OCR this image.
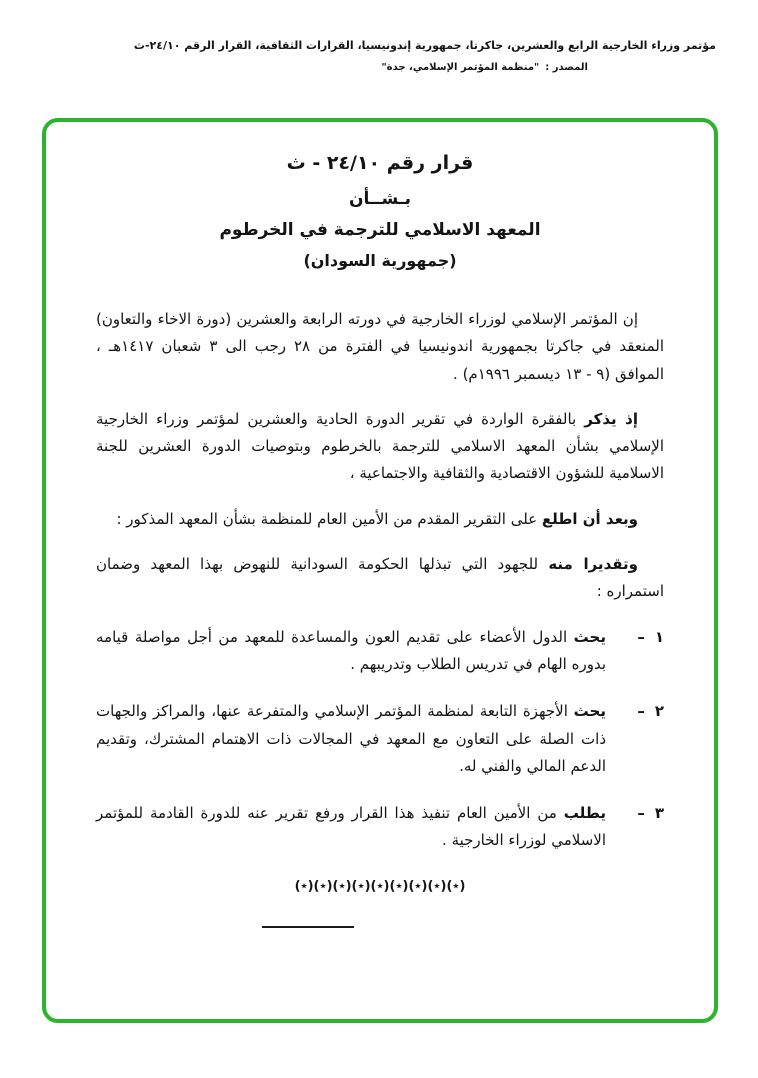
مؤتمر وزراء الخارجية الرابع والعشرين، جاكرتا، جمهورية إندونيسيا، القرارات الثقافية، القرار الرقم ٢٤/١٠-ث
المصدر :"منظمة المؤتمر الإسلامي، جدة"
قرار رقم ٢٤/١٠ - ث
بـشــأن
المعهد الاسلامي للترجمة في الخرطوم
(جمهورية السودان)

إن المؤتمر الإسلامي لوزراء الخارجية في دورته الرابعة والعشرين (دورة الاخاء والتعاون) المنعقد في جاكرتا بجمهورية اندونيسيا في الفترة من ٢٨ رجب الى ٣ شعبان ١٤١٧هـ ، الموافق (٩ - ١٣ ديسمبر ١٩٩٦م) .

إذ يذكر بالفقرة الواردة في تقرير الدورة الحادية والعشرين لمؤتمر وزراء الخارجية الإسلامي بشأن المعهد الاسلامي للترجمة بالخرطوم وبتوصيات الدورة العشرين للجنة الاسلامية للشؤون الاقتصادية والثقافية والاجتماعية ،

وبعد أن اطلع على التقرير المقدم من الأمين العام للمنظمة بشأن المعهد المذكور :

وتقديرا منه للجهود التي تبذلها الحكومة السودانية للنهوض بهذا المعهد وضمان استمراره :

١
–
يحث الدول الأعضاء على تقديم العون والمساعدة للمعهد من أجل مواصلة قيامه بدوره الهام في تدريس الطلاب وتدريبهم .
٢
–
يحث الأجهزة التابعة لمنظمة المؤتمر الإسلامي والمتفرعة عنها، والمراكز والجهات ذات الصلة على التعاون مع المعهد في المجالات ذات الاهتمام المشترك، وتقديم الدعم المالي والفني له.
٣
–
يطلب من الأمين العام تنفيذ هذا القرار ورفع تقرير عنه للدورة القادمة للمؤتمر الاسلامي لوزراء الخارجية .
(٭)(٭)(٭)(٭)(٭)(٭)(٭)(٭)(٭)
